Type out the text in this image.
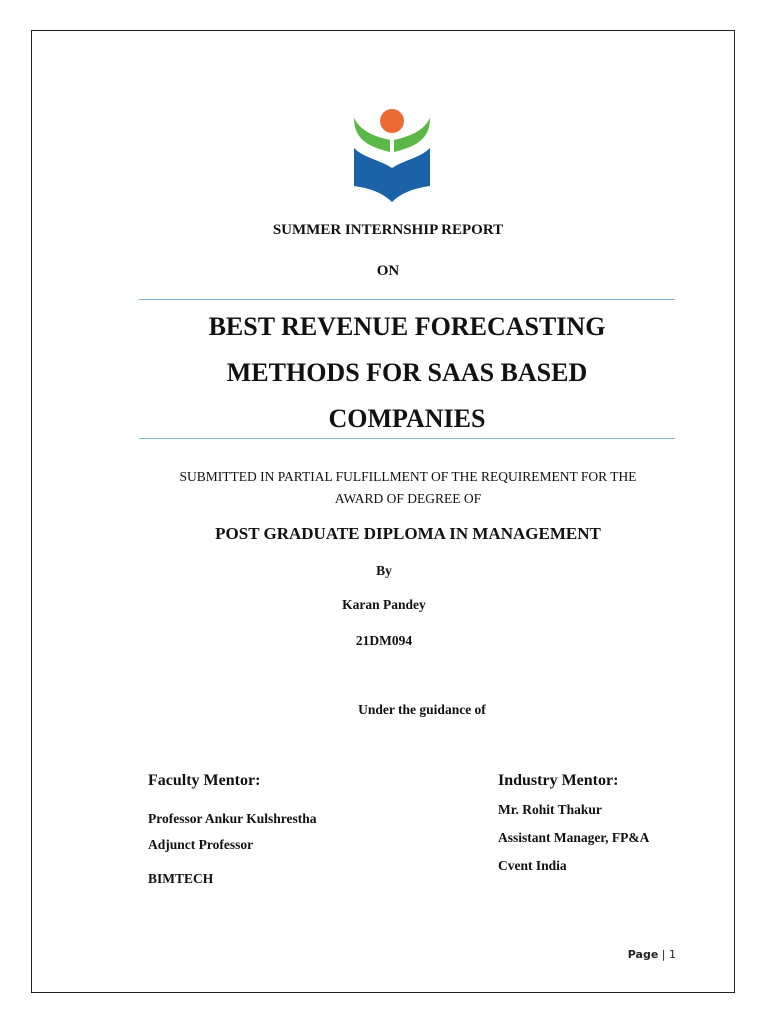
SUMMER INTERNSHIP REPORT
ON
BEST REVENUE FORECASTING
METHODS FOR SAAS BASED
COMPANIES
SUBMITTED IN PARTIAL FULFILLMENT OF THE REQUIREMENT FOR THE
AWARD OF DEGREE OF
POST GRADUATE DIPLOMA IN MANAGEMENT
By
Karan Pandey
21DM094
Under the guidance of
Faculty Mentor:
Professor Ankur Kulshrestha
Adjunct Professor
BIMTECH
Industry Mentor:
Mr. Rohit Thakur
Assistant Manager, FP&A
Cvent India
Page | 1
